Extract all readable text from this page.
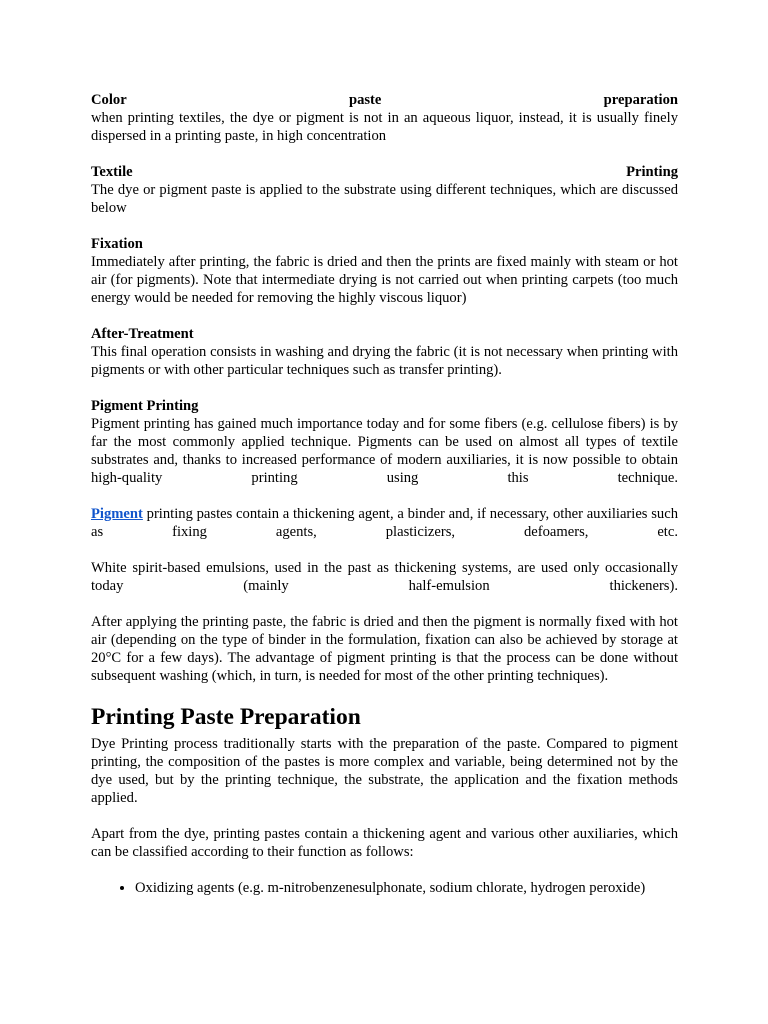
Color	paste	preparation

when printing textiles, the dye or pigment is not in an aqueous liquor, instead, it is usually finely dispersed in a printing paste, in high concentration

Textile	Printing

The dye or pigment paste is applied to the substrate using different techniques, which are discussed below

Fixation

Immediately after printing, the fabric is dried and then the prints are fixed mainly with steam or hot air (for pigments). Note that intermediate drying is not carried out when printing carpets (too much energy would be needed for removing the highly viscous liquor)

After-Treatment

This final operation consists in washing and drying the fabric (it is not necessary when printing with pigments or with other particular techniques such as transfer printing).

Pigment Printing

Pigment printing has gained much importance today and for some fibers (e.g. cellulose fibers) is by far the most commonly applied technique. Pigments can be used on almost all types of textile substrates and, thanks to increased performance of modern auxiliaries, it is now possible to obtain high-quality printing using this technique.

Pigment printing pastes contain a thickening agent, a binder and, if necessary, other auxiliaries such as fixing agents, plasticizers, defoamers, etc.

White spirit-based emulsions, used in the past as thickening systems, are used only occasionally today (mainly half-emulsion thickeners).

After applying the printing paste, the fabric is dried and then the pigment is normally fixed with hot air (depending on the type of binder in the formulation, fixation can also be achieved by storage at 20°C for a few days). The advantage of pigment printing is that the process can be done without subsequent washing (which, in turn, is needed for most of the other printing techniques).

Printing Paste Preparation

Dye Printing process traditionally starts with the preparation of the paste. Compared to pigment printing, the composition of the pastes is more complex and variable, being determined not by the dye used, but by the printing technique, the substrate, the application and the fixation methods applied.

Apart from the dye, printing pastes contain a thickening agent and various other auxiliaries, which can be classified according to their function as follows:

• Oxidizing agents (e.g. m-nitrobenzenesulphonate, sodium chlorate, hydrogen peroxide)
